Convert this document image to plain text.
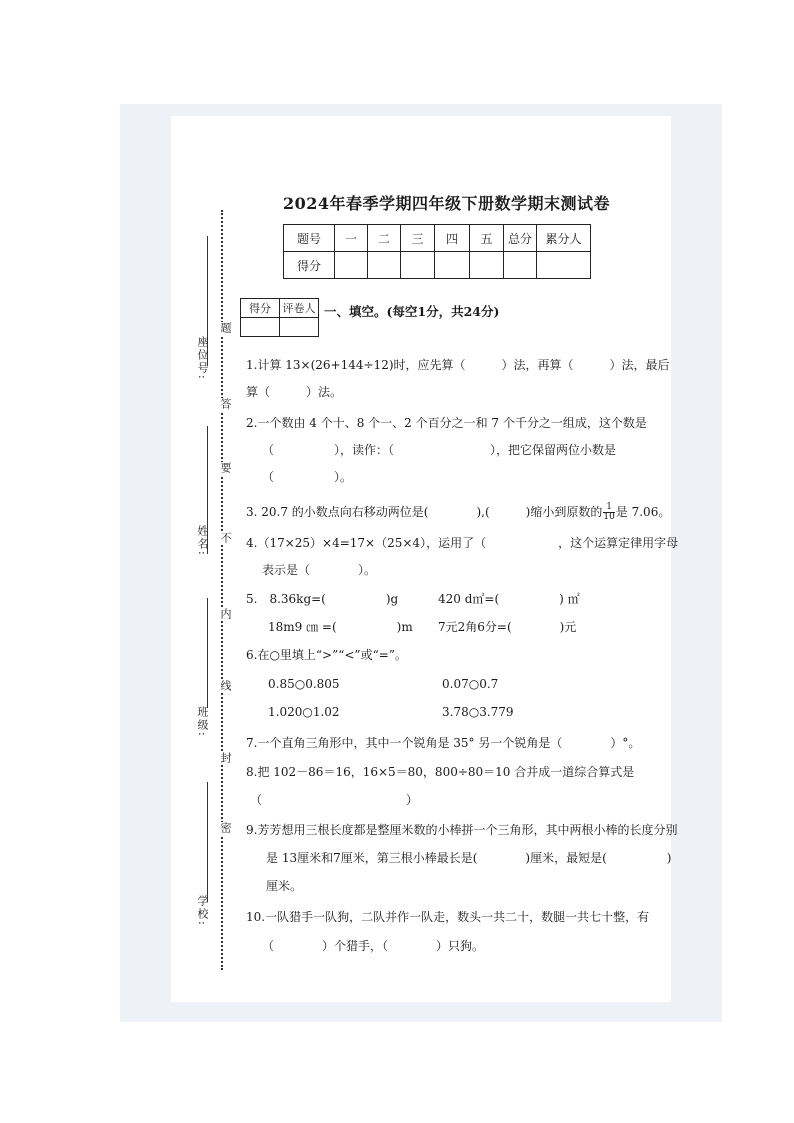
座位号:
姓名:
班级:
学校:
题
答
要
不
内
线
封
密
2024年春季学期四年级下册数学期末测试卷
题号	一	二	三	四	五	总分	累分人
得分							
得分	评卷人
	一、填空。(每空1分，共24分)
1.计算 13×(26+144÷12)时，应先算（　　　）法，再算（　　　）法，最后
算（　　　）法。
2.一个数由 4 个十、8 个一、2 个百分之一和 7 个千分之一组成，这个数是
（　　　　　），读作：（　　　　　　　　），把它保留两位小数是
（　　　　　）。
3. 20.7 的小数点向右移动两位是(　　　　),(　　　)缩小到原数的 $\frac{1}{10}$ 是 7.06。
4.（17×25）×4=17×（25×4），运用了（　　　　　　，这个运算定律用字母
表示是（　　　　）。
5.　8.36kg=(　　　　　)g	420 d㎡=(　　　　　) ㎡
18m9 ㎝ =(　　　　　)m 7元2角6分=(　　　　)元
6.在○里填上“>”“<”或“=”。
0.85○0.805	0.07○0.7
1.020○1.02	3.78○3.779
7.一个直角三角形中，其中一个锐角是 35° 另一个锐角是（　　　　）°。
8.把 102－86＝16，16×5＝80，800÷80＝10 合并成一道综合算式是
（　　　　　　　　　　　　）
9.芳芳想用三根长度都是整厘米数的小棒拼一个三角形，其中两根小棒的长度分别
是 13厘米和7厘米，第三根小棒最长是(　　　　)厘米，最短是(　　　　　)
厘米。
10.一队猎手一队狗，二队并作一队走，数头一共二十，数腿一共七十整，有
（　　　　）个猎手，（　　　　）只狗。
